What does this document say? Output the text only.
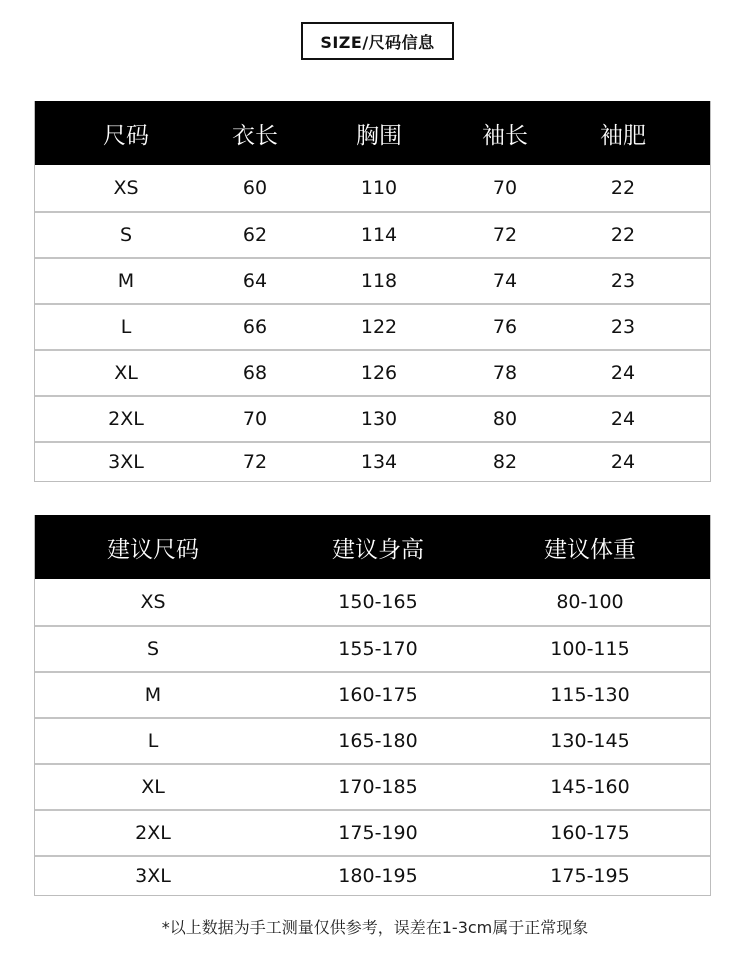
SIZE/尺码信息
尺码	衣长	胸围	袖长	袖肥
XS	60	110	70	22
S	62	114	72	22
M	64	118	74	23
L	66	122	76	23
XL	68	126	78	24
2XL	70	130	80	24
3XL	72	134	82	24
建议尺码	建议身高	建议体重
XS	150-165	80-100
S	155-170	100-115
M	160-175	115-130
L	165-180	130-145
XL	170-185	145-160
2XL	175-190	160-175
3XL	180-195	175-195
*以上数据为手工测量仅供参考，误差在1-3cm属于正常现象
